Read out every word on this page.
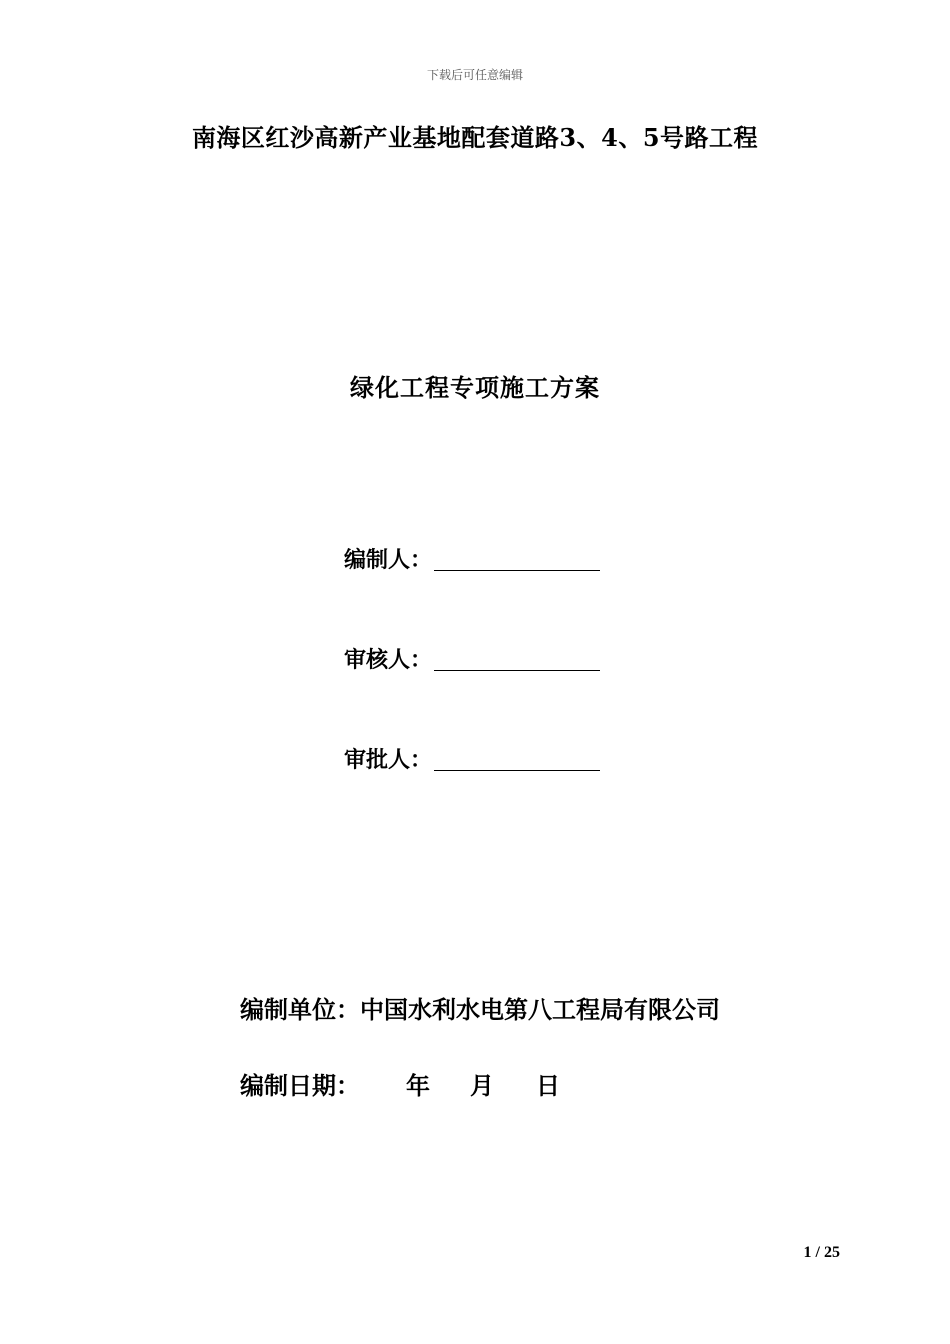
下载后可任意编辑
南海区红沙高新产业基地配套道路3、4、5号路工程
绿化工程专项施工方案
编制人：
审核人：
审批人：
编制单位：中国水利水电第八工程局有限公司
编制日期： 年 月 日
1 / 25
